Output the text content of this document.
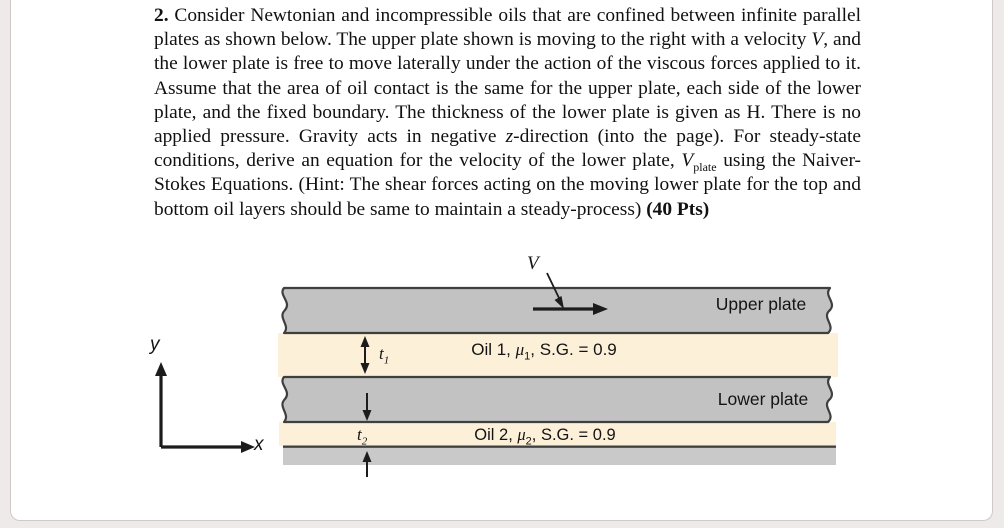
2. Consider Newtonian and incompressible oils that are confined between infinite parallel plates as shown below. The upper plate shown is moving to the right with a velocity V, and the lower plate is free to move laterally under the action of the viscous forces applied to it. Assume that the area of oil contact is the same for the upper plate, each side of the lower plate, and the fixed boundary. The thickness of the lower plate is given as H. There is no applied pressure. Gravity acts in negative z-direction (into the page). For steady-state conditions, derive an equation for the velocity of the lower plate, $V_{plate}$ using the Naiver-Stokes Equations. (Hint: The shear forces acting on the moving lower plate for the top and bottom oil layers should be same to maintain a steady-process) (40 Pts)
V
Upper plate
Lower plate
Oil 1, $\mu_1$, S.G. = 0.9
Oil 2, $\mu_2$, S.G. = 0.9
$t_1$
$t_2$
y
x
